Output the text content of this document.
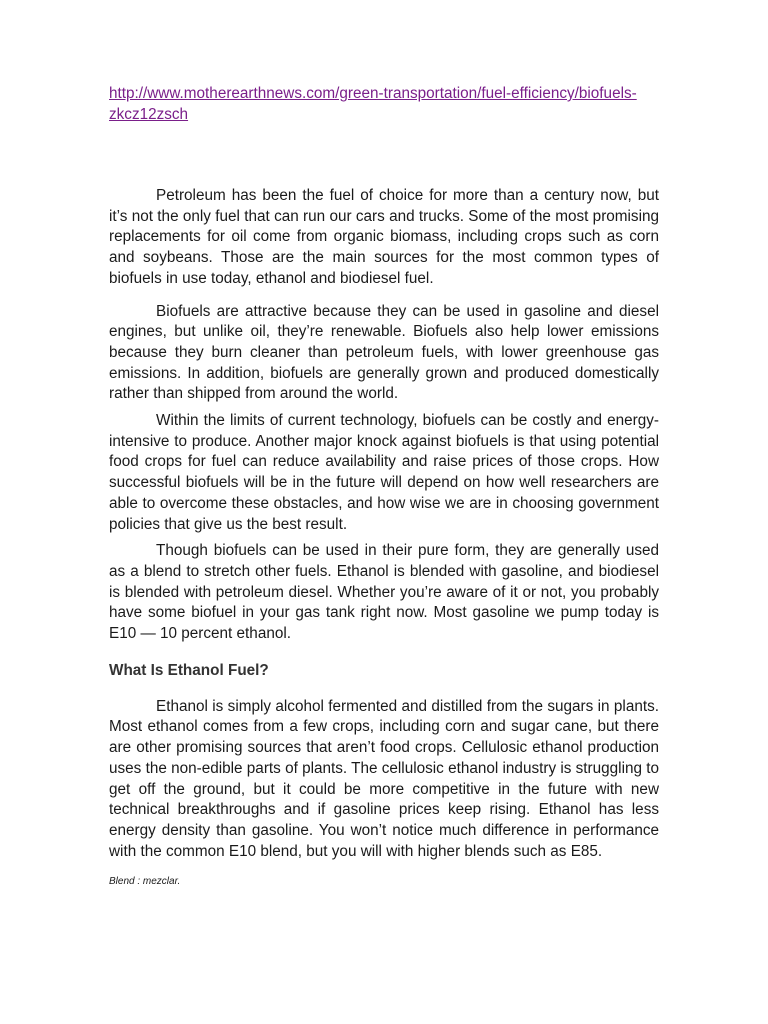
http://www.motherearthnews.com/green-transportation/fuel-efficiency/biofuels-zkcz12zsch

Petroleum has been the fuel of choice for more than a century now, but it’s not the only fuel that can run our cars and trucks. Some of the most promising replacements for oil come from organic biomass, including crops such as corn and soybeans. Those are the main sources for the most common types of biofuels in use today, ethanol and biodiesel fuel.

Biofuels are attractive because they can be used in gasoline and diesel engines, but unlike oil, they’re renewable. Biofuels also help lower emissions because they burn cleaner than petroleum fuels, with lower greenhouse gas emissions. In addition, biofuels are generally grown and produced domestically rather than shipped from around the world.

Within the limits of current technology, biofuels can be costly and energy-intensive to produce. Another major knock against biofuels is that using potential food crops for fuel can reduce availability and raise prices of those crops. How successful biofuels will be in the future will depend on how well researchers are able to overcome these obstacles, and how wise we are in choosing government policies that give us the best result.

Though biofuels can be used in their pure form, they are generally used as a blend to stretch other fuels. Ethanol is blended with gasoline, and biodiesel is blended with petroleum diesel. Whether you’re aware of it or not, you probably have some biofuel in your gas tank right now. Most gasoline we pump today is E10 — 10 percent ethanol.

What Is Ethanol Fuel?

Ethanol is simply alcohol fermented and distilled from the sugars in plants. Most ethanol comes from a few crops, including corn and sugar cane, but there are other promising sources that aren’t food crops. Cellulosic ethanol production uses the non-edible parts of plants. The cellulosic ethanol industry is struggling to get off the ground, but it could be more competitive in the future with new technical breakthroughs and if gasoline prices keep rising. Ethanol has less energy density than gasoline. You won’t notice much difference in performance with the common E10 blend, but you will with higher blends such as E85.

Blend : mezclar.
